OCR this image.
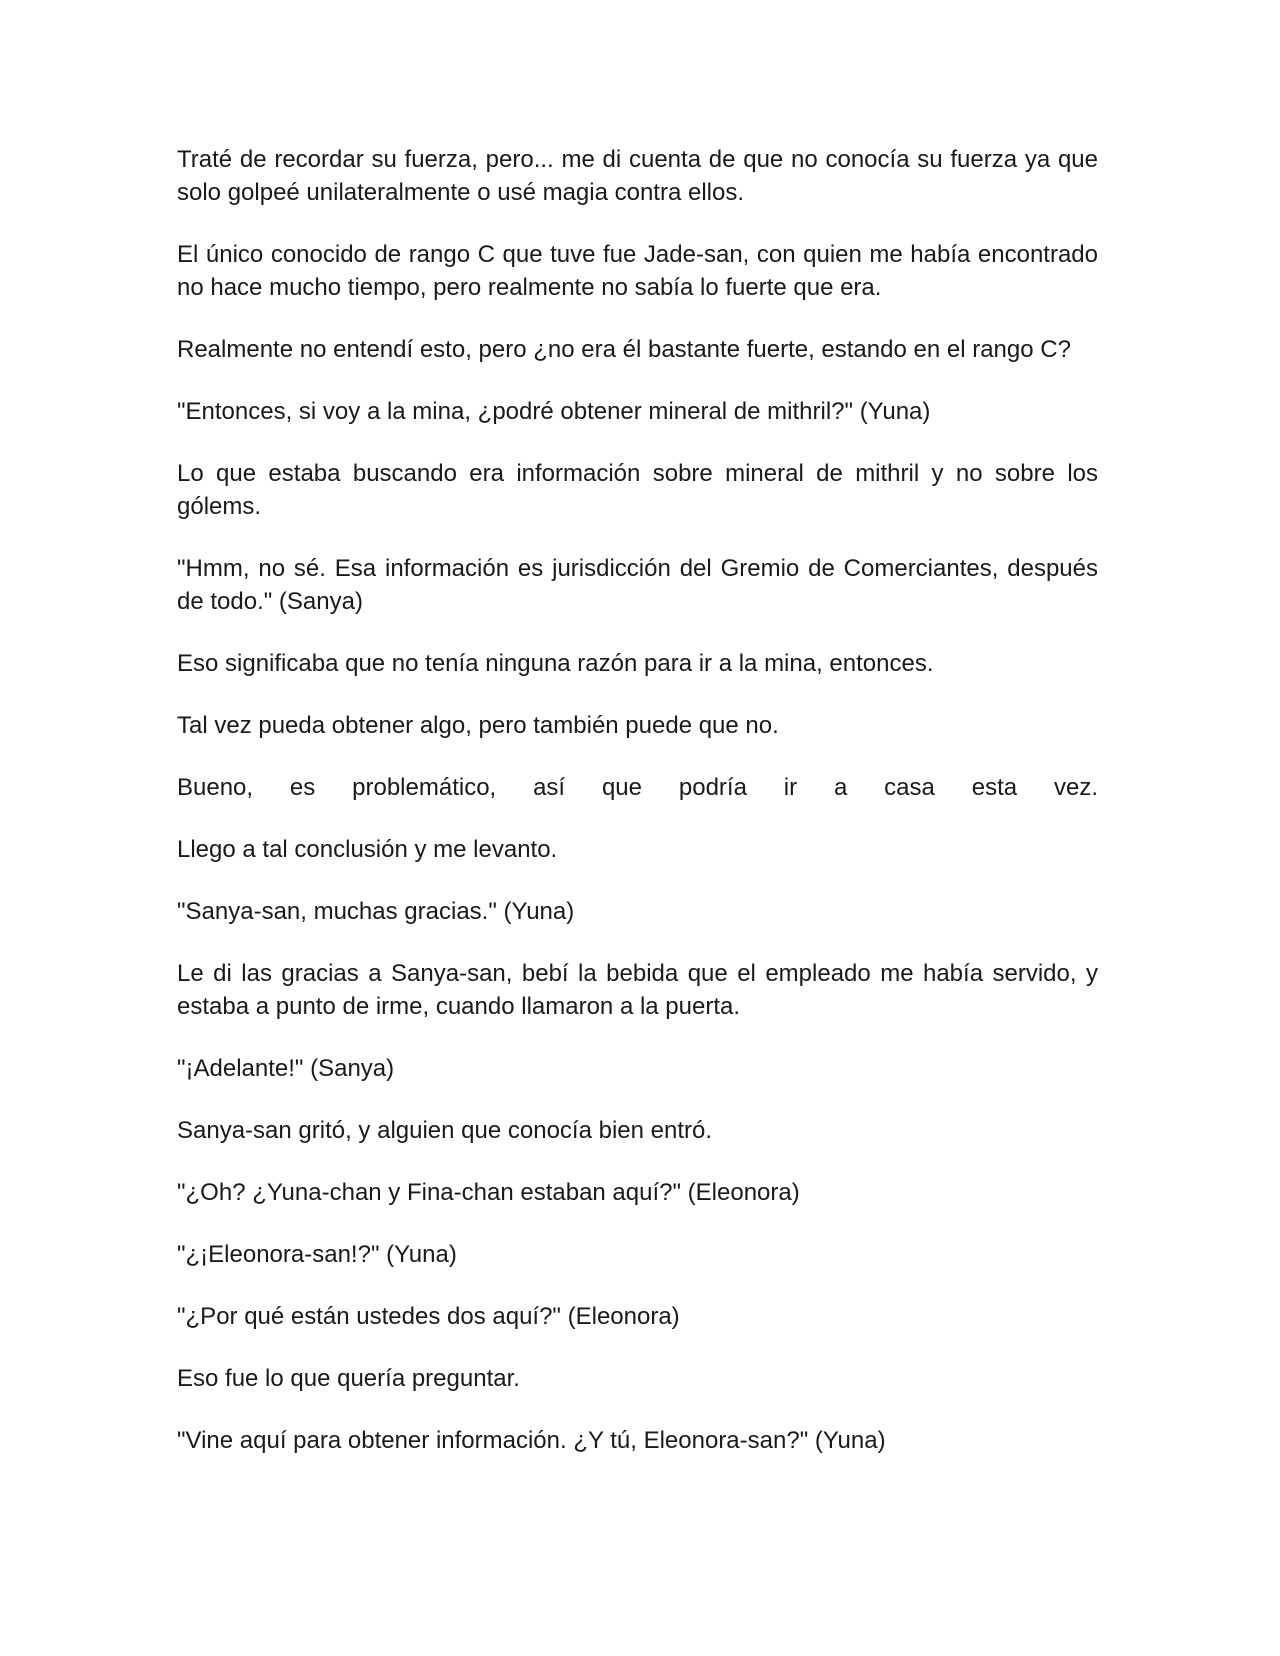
Traté de recordar su fuerza, pero... me di cuenta de que no conocía su fuerza ya que solo golpeé unilateralmente o usé magia contra ellos.

El único conocido de rango C que tuve fue Jade-san, con quien me había encontrado no hace mucho tiempo, pero realmente no sabía lo fuerte que era.

Realmente no entendí esto, pero ¿no era él bastante fuerte, estando en el rango C?

"Entonces, si voy a la mina, ¿podré obtener mineral de mithril?" (Yuna)

Lo que estaba buscando era información sobre mineral de mithril y no sobre los gólems.

"Hmm, no sé. Esa información es jurisdicción del Gremio de Comerciantes, después de todo." (Sanya)

Eso significaba que no tenía ninguna razón para ir a la mina, entonces.

Tal vez pueda obtener algo, pero también puede que no.

Bueno, es problemático, así que podría ir a casa esta vez.

Llego a tal conclusión y me levanto.

"Sanya-san, muchas gracias." (Yuna)

Le di las gracias a Sanya-san, bebí la bebida que el empleado me había servido, y estaba a punto de irme, cuando llamaron a la puerta.

"¡Adelante!" (Sanya)

Sanya-san gritó, y alguien que conocía bien entró.

"¿Oh? ¿Yuna-chan y Fina-chan estaban aquí?" (Eleonora)

"¿¡Eleonora-san!?" (Yuna)

"¿Por qué están ustedes dos aquí?" (Eleonora)

Eso fue lo que quería preguntar.

"Vine aquí para obtener información. ¿Y tú, Eleonora-san?" (Yuna)
